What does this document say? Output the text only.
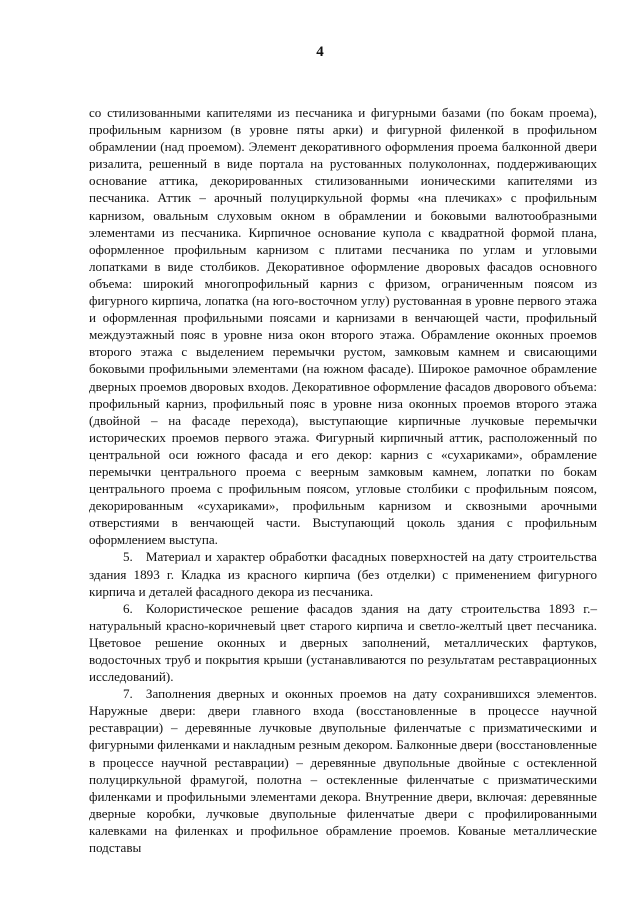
4

со стилизованными капителями из песчаника и фигурными базами (по бокам проема), профильным карнизом (в уровне пяты арки) и фигурной филенкой в профильном обрамлении (над проемом). Элемент декоративного оформления проема балконной двери ризалита, решенный в виде портала на рустованных полуколоннах, поддерживающих основание аттика, декорированных стилизованными ионическими капителями из песчаника. Аттик – арочный полуциркульной формы «на плечиках» с профильным карнизом, овальным слуховым окном в обрамлении и боковыми валютообразными элементами из песчаника. Кирпичное основание купола с квадратной формой плана, оформленное профильным карнизом с плитами песчаника по углам и угловыми лопатками в виде столбиков. Декоративное оформление дворовых фасадов основного объема: широкий многопрофильный карниз с фризом, ограниченным поясом из фигурного кирпича, лопатка (на юго-восточном углу) рустованная в уровне первого этажа и оформленная профильными поясами и карнизами в венчающей части, профильный междуэтажный пояс в уровне низа окон второго этажа. Обрамление оконных проемов второго этажа с выделением перемычки рустом, замковым камнем и свисающими боковыми профильными элементами (на южном фасаде). Широкое рамочное обрамление дверных проемов дворовых входов. Декоративное оформление фасадов дворового объема: профильный карниз, профильный пояс в уровне низа оконных проемов второго этажа (двойной – на фасаде перехода), выступающие кирпичные лучковые перемычки исторических проемов первого этажа. Фигурный кирпичный аттик, расположенный по центральной оси южного фасада и его декор: карниз с «сухариками», обрамление перемычки центрального проема с веерным замковым камнем, лопатки по бокам центрального проема с профильным поясом, угловые столбики с профильным поясом, декорированным «сухариками», профильным карнизом и сквозными арочными отверстиями в венчающей части. Выступающий цоколь здания с профильным оформлением выступа.

5. Материал и характер обработки фасадных поверхностей на дату строительства здания 1893 г. Кладка из красного кирпича (без отделки) с применением фигурного кирпича и деталей фасадного декора из песчаника.

6. Колористическое решение фасадов здания на дату строительства 1893 г.– натуральный красно-коричневый цвет старого кирпича и светло-желтый цвет песчаника. Цветовое решение оконных и дверных заполнений, металлических фартуков, водосточных труб и покрытия крыши (устанавливаются по результатам реставрационных исследований).

7. Заполнения дверных и оконных проемов на дату сохранившихся элементов. Наружные двери: двери главного входа (восстановленные в процессе научной реставрации) – деревянные лучковые двупольные филенчатые с призматическими и фигурными филенками и накладным резным декором. Балконные двери (восстановленные в процессе научной реставрации) – деревянные двупольные двойные с остекленной полуциркульной фрамугой, полотна – остекленные филенчатые с призматическими филенками и профильными элементами декора. Внутренние двери, включая: деревянные дверные коробки, лучковые двупольные филенчатые двери с профилированными калевками на филенках и профильное обрамление проемов. Кованые металлические подставы
